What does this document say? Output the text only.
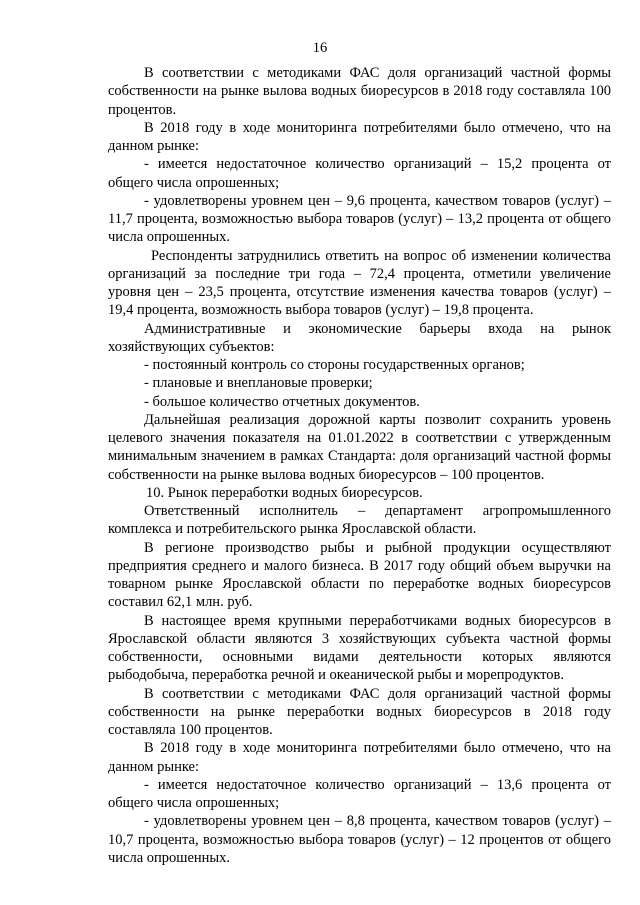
16

В соответствии с методиками ФАС доля организаций частной формы собственности на рынке вылова водных биоресурсов в 2018 году составляла 100 процентов.

В 2018 году в ходе мониторинга потребителями было отмечено, что на данном рынке:

- имеется недостаточное количество организаций – 15,2 процента от общего числа опрошенных;

- удовлетворены уровнем цен – 9,6 процента, качеством товаров (услуг) – 11,7 процента, возможностью выбора товаров (услуг) – 13,2 процента от общего числа опрошенных.

Респонденты затруднились ответить на вопрос об изменении количества организаций за последние три года – 72,4 процента, отметили увеличение уровня цен – 23,5 процента, отсутствие изменения качества товаров (услуг) – 19,4 процента, возможность выбора товаров (услуг) – 19,8 процента.

Административные и экономические барьеры входа на рынок хозяйствующих субъектов:

- постоянный контроль со стороны государственных органов;

- плановые и внеплановые проверки;

- большое количество отчетных документов.

Дальнейшая реализация дорожной карты позволит сохранить уровень целевого значения показателя на 01.01.2022 в соответствии с утвержденным минимальным значением в рамках Стандарта: доля организаций частной формы собственности на рынке вылова водных биоресурсов – 100 процентов.

10. Рынок переработки водных биоресурсов.

Ответственный исполнитель – департамент агропромышленного комплекса и потребительского рынка Ярославской области.

В регионе производство рыбы и рыбной продукции осуществляют предприятия среднего и малого бизнеса. В 2017 году общий объем выручки на товарном рынке Ярославской области по переработке водных биоресурсов составил 62,1 млн. руб.

В настоящее время крупными переработчиками водных биоресурсов в Ярославской области являются 3 хозяйствующих субъекта частной формы собственности, основными видами деятельности которых являются рыбодобыча, переработка речной и океанической рыбы и морепродуктов.

В соответствии с методиками ФАС доля организаций частной формы собственности на рынке переработки водных биоресурсов в 2018 году составляла 100 процентов.

В 2018 году в ходе мониторинга потребителями было отмечено, что на данном рынке:

- имеется недостаточное количество организаций – 13,6 процента от общего числа опрошенных;

- удовлетворены уровнем цен – 8,8 процента, качеством товаров (услуг) – 10,7 процента, возможностью выбора товаров (услуг) – 12 процентов от общего числа опрошенных.
